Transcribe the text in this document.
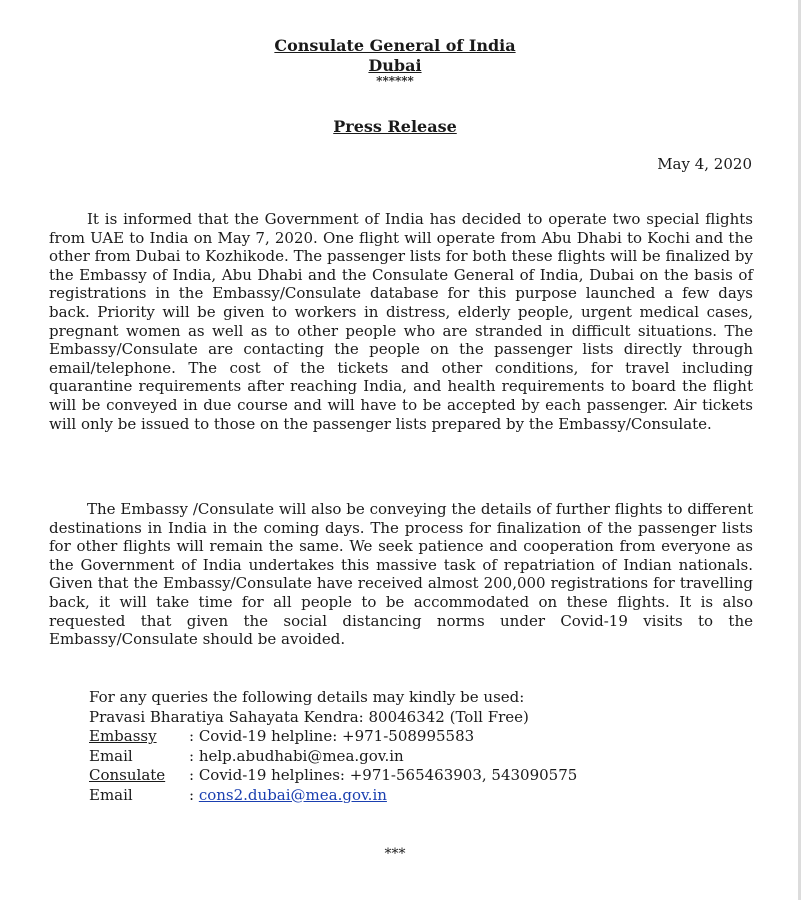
Consulate General of India
Dubai
******
Press Release
May 4, 2020

It is informed that the Government of India has decided to operate two special flights from UAE to India on May 7, 2020. One flight will operate from Abu Dhabi to Kochi and the other from Dubai to Kozhikode. The passenger lists for both these flights will be finalized by the Embassy of India, Abu Dhabi and the Consulate General of India, Dubai on the basis of registrations in the Embassy/Consulate database for this purpose launched a few days back. Priority will be given to workers in distress, elderly people, urgent medical cases, pregnant women as well as to other people who are stranded in difficult situations. The Embassy/Consulate are contacting the people on the passenger lists directly through email/telephone. The cost of the tickets and other conditions, for travel including quarantine requirements after reaching India, and health requirements to board the flight will be conveyed in due course and will have to be accepted by each passenger. Air tickets will only be issued to those on the passenger lists prepared by the Embassy/Consulate.

The Embassy /Consulate will also be conveying the details of further flights to different destinations in India in the coming days. The process for finalization of the passenger lists for other flights will remain the same. We seek patience and cooperation from everyone as the Government of India undertakes this massive task of repatriation of Indian nationals. Given that the Embassy/Consulate have received almost 200,000 registrations for travelling back, it will take time for all people to be accommodated on these flights. It is also requested that given the social distancing norms under Covid-19 visits to the Embassy/Consulate should be avoided.

For any queries the following details may kindly be used:
Pravasi Bharatiya Sahayata Kendra: 80046342 (Toll Free)
Embassy : Covid-19 helpline: +971-508995583
Email	: help.abudhabi@mea.gov.in
Consulate : Covid-19 helplines: +971-565463903, 543090575
Email	: cons2.dubai@mea.gov.in
***
